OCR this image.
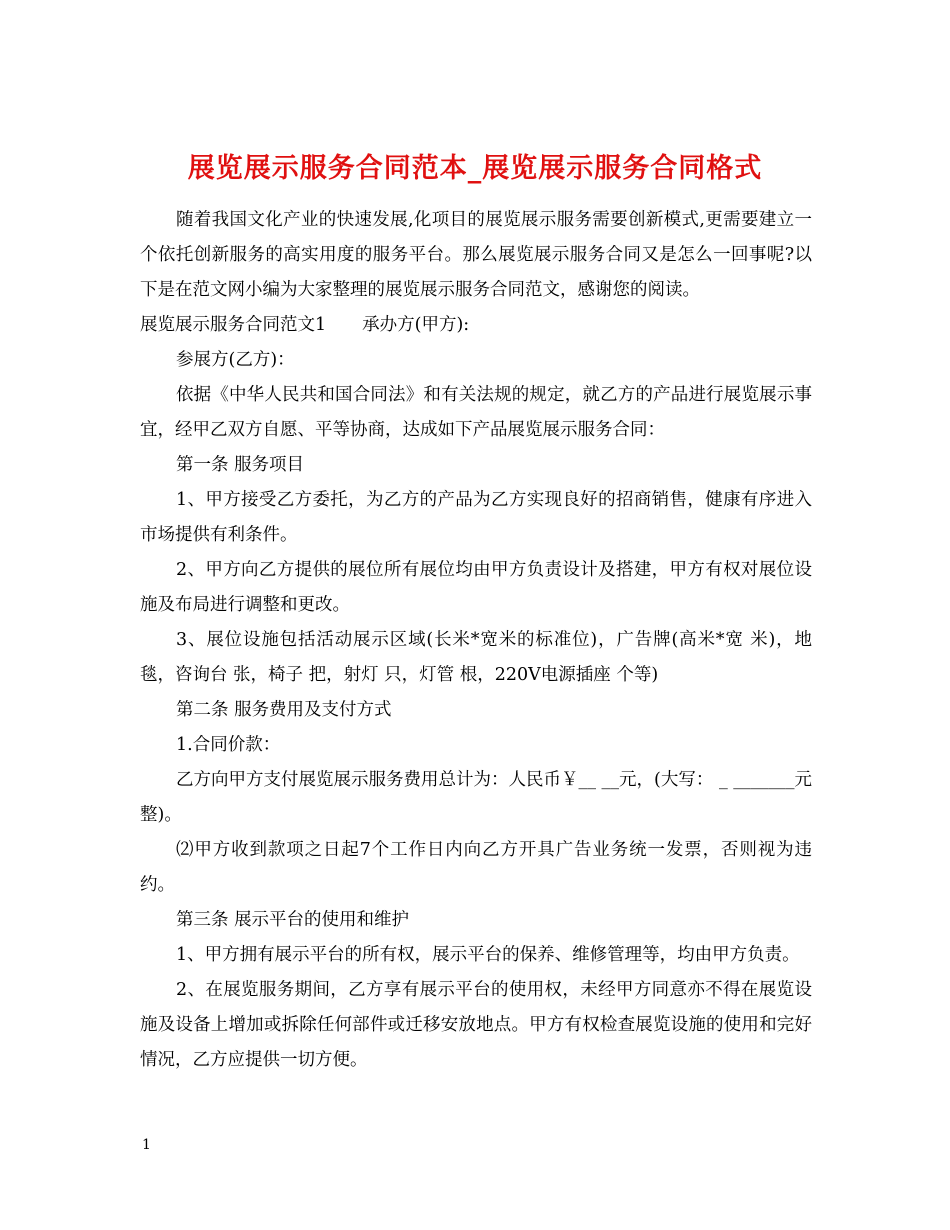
展览展示服务合同范本_展览展示服务合同格式

随着我国文化产业的快速发展,化项目的展览展示服务需要创新模式,更需要建立一个依托创新服务的高实用度的服务平台。那么展览展示服务合同又是怎么一回事呢?以下是在范文网小编为大家整理的展览展示服务合同范文，感谢您的阅读。

展览展示服务合同范文1 承办方(甲方):

参展方(乙方)：

依据《中华人民共和国合同法》和有关法规的规定，就乙方的产品进行展览展示事宜，经甲乙双方自愿、平等协商，达成如下产品展览展示服务合同：

第一条 服务项目

1、甲方接受乙方委托，为乙方的产品为乙方实现良好的招商销售，健康有序进入市场提供有利条件。

2、甲方向乙方提供的展位所有展位均由甲方负责设计及搭建，甲方有权对展位设施及布局进行调整和更改。

3、展位设施包括活动展示区域(长米*宽米的标准位)，广告牌(高米*宽 米)，地毯，咨询台 张，椅子 把，射灯 只，灯管 根，220V电源插座 个等)

第二条 服务费用及支付方式

1.合同价款：

乙方向甲方支付展览展示服务费用总计为：人民币￥__ __元，(大写： _ _______元整)。

⑵甲方收到款项之日起7个工作日内向乙方开具广告业务统一发票，否则视为违约。

第三条 展示平台的使用和维护

1、甲方拥有展示平台的所有权，展示平台的保养、维修管理等，均由甲方负责。

2、在展览服务期间，乙方享有展示平台的使用权，未经甲方同意亦不得在展览设施及设备上增加或拆除任何部件或迁移安放地点。甲方有权检查展览设施的使用和完好情况，乙方应提供一切方便。

1
